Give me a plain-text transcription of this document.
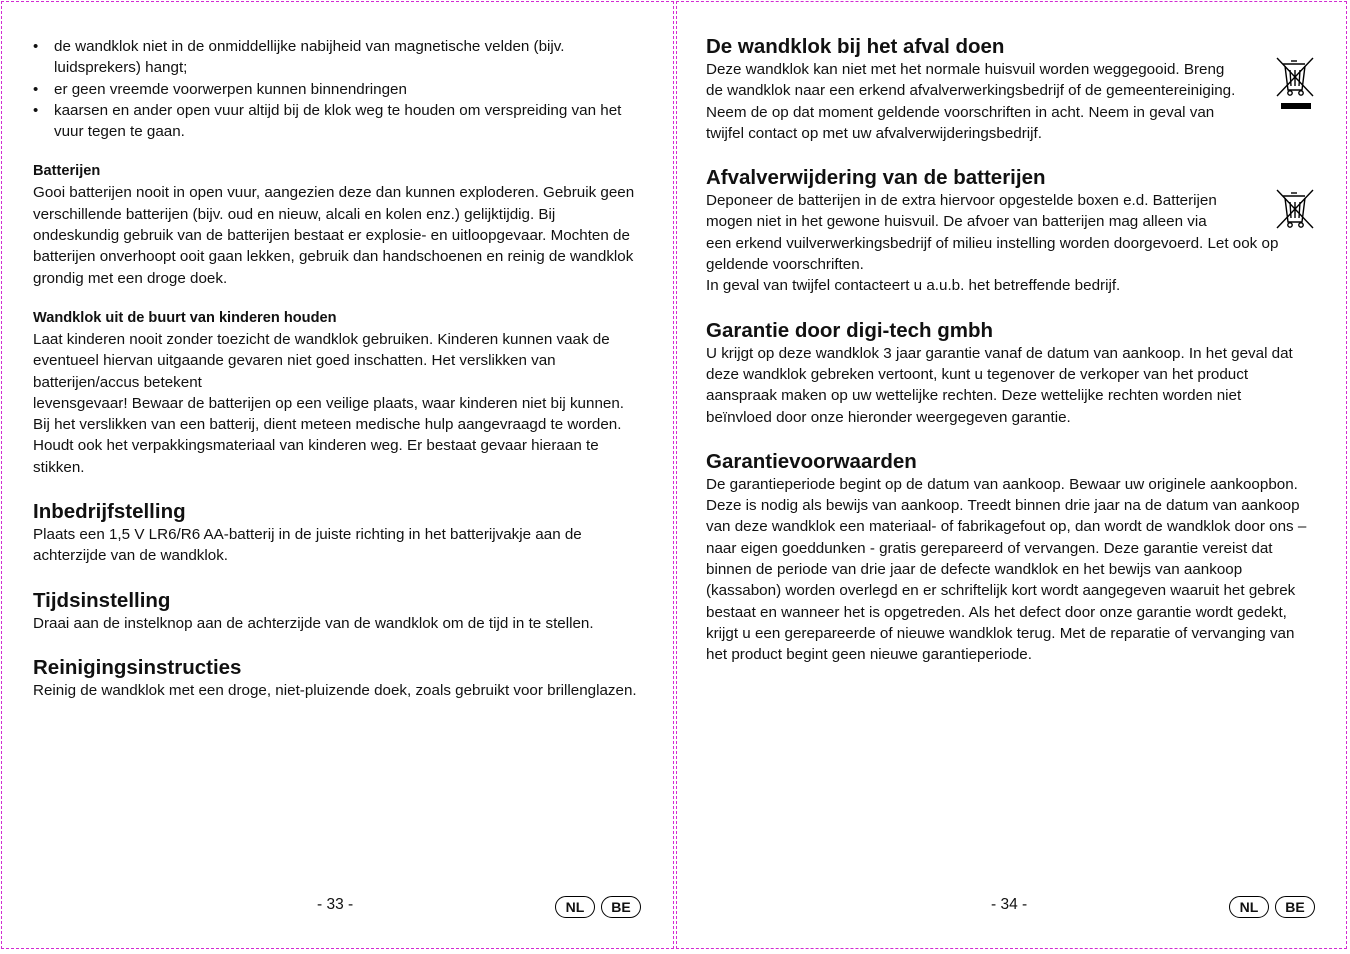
• de wandklok niet in de onmiddellijke nabijheid van magnetische velden (bijv. luidsprekers) hangt;
• er geen vreemde voorwerpen kunnen binnendringen
• kaarsen en ander open vuur altijd bij de klok weg te houden om verspreiding van het vuur tegen te gaan.

Batterijen

Gooi batterijen nooit in open vuur, aangezien deze dan kunnen exploderen. Gebruik geen verschillende batterijen (bijv. oud en nieuw, alcali en kolen enz.) gelijktijdig. Bij ondeskundig gebruik van de batterijen bestaat er explosie- en uitloopgevaar. Mochten de batterijen onverhoopt ooit gaan lekken, gebruik dan handschoenen en reinig de wandklok grondig met een droge doek.

Wandklok uit de buurt van kinderen houden

Laat kinderen nooit zonder toezicht de wandklok gebruiken. Kinderen kunnen vaak de eventueel hiervan uitgaande gevaren niet goed inschatten. Het verslikken van batterijen/accus betekent

levensgevaar! Bewaar de batterijen op een veilige plaats, waar kinderen niet bij kunnen. Bij het verslikken van een batterij, dient meteen medische hulp aangevraagd te worden.

Houdt ook het verpakkingsmateriaal van kinderen weg. Er bestaat gevaar hieraan te stikken.

Inbedrijfstelling

Plaats een 1,5 V LR6/R6 AA-batterij in de juiste richting in het batterijvakje aan de achterzijde van de wandklok.

Tijdsinstelling

Draai aan de instelknop aan de achterzijde van de wandklok om de tijd in te stellen.

Reinigingsinstructies

Reinig de wandklok met een droge, niet-pluizende doek, zoals gebruikt voor brillenglazen.

- 33 -	NL	BE

De wandklok bij het afval doen

Deze wandklok kan niet met het normale huisvuil worden weggegooid. Breng de wandklok naar een erkend afvalverwerkingsbedrijf of de gemeentereiniging. Neem de op dat moment geldende voorschriften in acht. Neem in geval van twijfel contact op met uw afvalverwijderingsbedrijf.

Afvalverwijdering van de batterijen

Deponeer de batterijen in de extra hiervoor opgestelde boxen e.d. Batterijen mogen niet in het gewone huisvuil. De afvoer van batterijen mag alleen via

een erkend vuilverwerkingsbedrijf of milieu instelling worden doorgevoerd. Let ook op geldende voorschriften.

In geval van twijfel contacteert u a.u.b. het betreffende bedrijf.

Garantie door digi-tech gmbh

U krijgt op deze wandklok 3 jaar garantie vanaf de datum van aankoop. In het geval dat deze wandklok gebreken vertoont, kunt u tegenover de verkoper van het product aanspraak maken op uw wettelijke rechten. Deze wettelijke rechten worden niet beïnvloed door onze hieronder weergegeven garantie.

Garantievoorwaarden

De garantieperiode begint op de datum van aankoop. Bewaar uw originele aankoopbon. Deze is nodig als bewijs van aankoop. Treedt binnen drie jaar na de datum van aankoop van deze wandklok een materiaal- of fabrikagefout op, dan wordt de wandklok door ons – naar eigen goeddunken - gratis gerepareerd of vervangen. Deze garantie vereist dat binnen de periode van drie jaar de defecte wandklok en het bewijs van aankoop (kassabon) worden overlegd en er schriftelijk kort wordt aangegeven waaruit het gebrek bestaat en wanneer het is opgetreden. Als het defect door onze garantie wordt gedekt, krijgt u een gerepareerde of nieuwe wandklok terug. Met de reparatie of vervanging van het product begint geen nieuwe garantieperiode.

- 34 -	NL	BE
